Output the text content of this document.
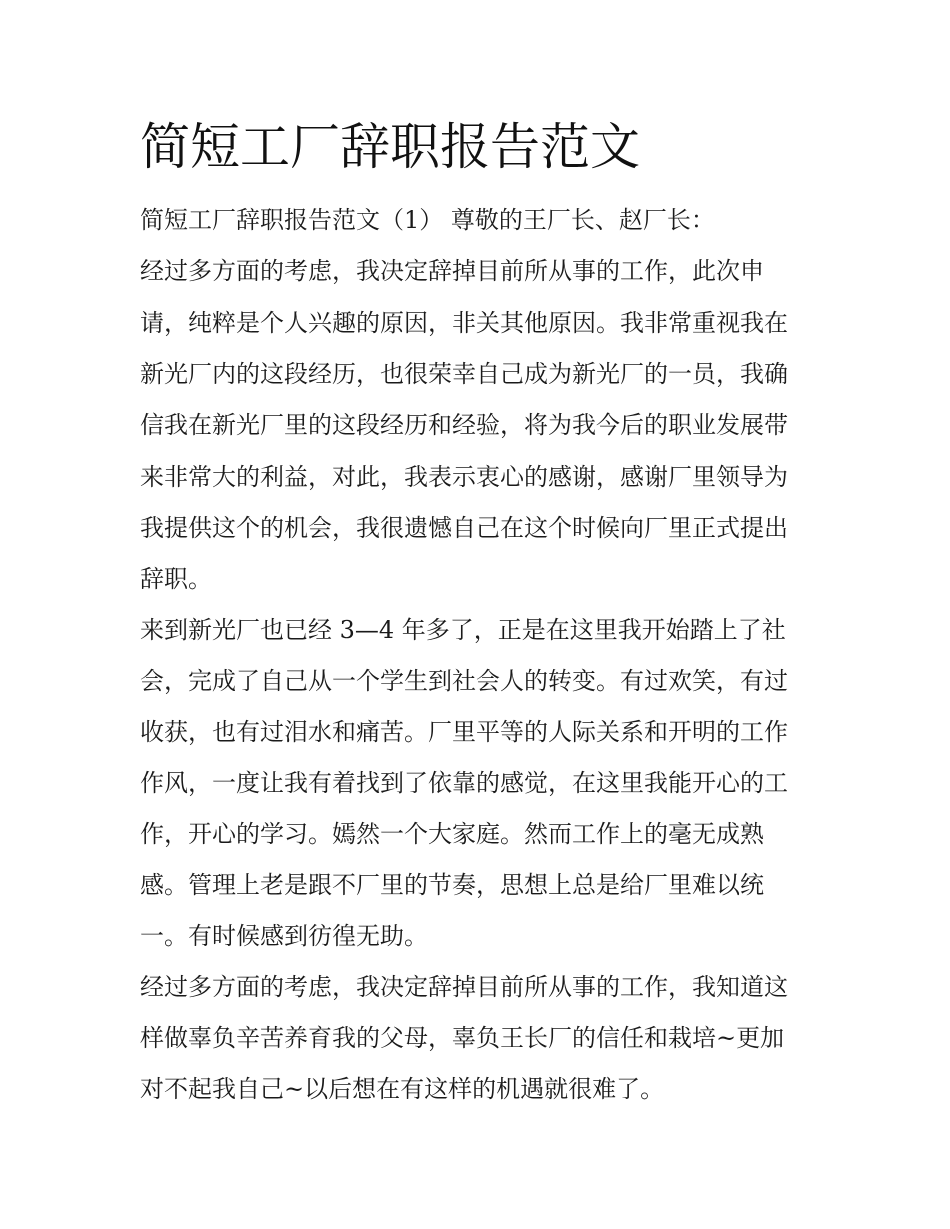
简短工厂辞职报告范文

简短工厂辞职报告范文（1） 尊敬的王厂长、赵厂长：

经过多方面的考虑，我决定辞掉目前所从事的工作，此次申

请，纯粹是个人兴趣的原因，非关其他原因。我非常重视我在

新光厂内的这段经历，也很荣幸自己成为新光厂的一员，我确

信我在新光厂里的这段经历和经验，将为我今后的职业发展带

来非常大的利益，对此，我表示衷心的感谢，感谢厂里领导为

我提供这个的机会，我很遗憾自己在这个时候向厂里正式提出

辞职。

来到新光厂也已经 3—4 年多了，正是在这里我开始踏上了社

会，完成了自己从一个学生到社会人的转变。有过欢笑，有过

收获，也有过泪水和痛苦。厂里平等的人际关系和开明的工作

作风，一度让我有着找到了依靠的感觉，在这里我能开心的工

作，开心的学习。嫣然一个大家庭。然而工作上的毫无成熟

感。管理上老是跟不厂里的节奏，思想上总是给厂里难以统

一。有时候感到彷徨无助。

经过多方面的考虑，我决定辞掉目前所从事的工作，我知道这

样做辜负辛苦养育我的父母，辜负王长厂的信任和栽培~更加

对不起我自己~以后想在有这样的机遇就很难了。
